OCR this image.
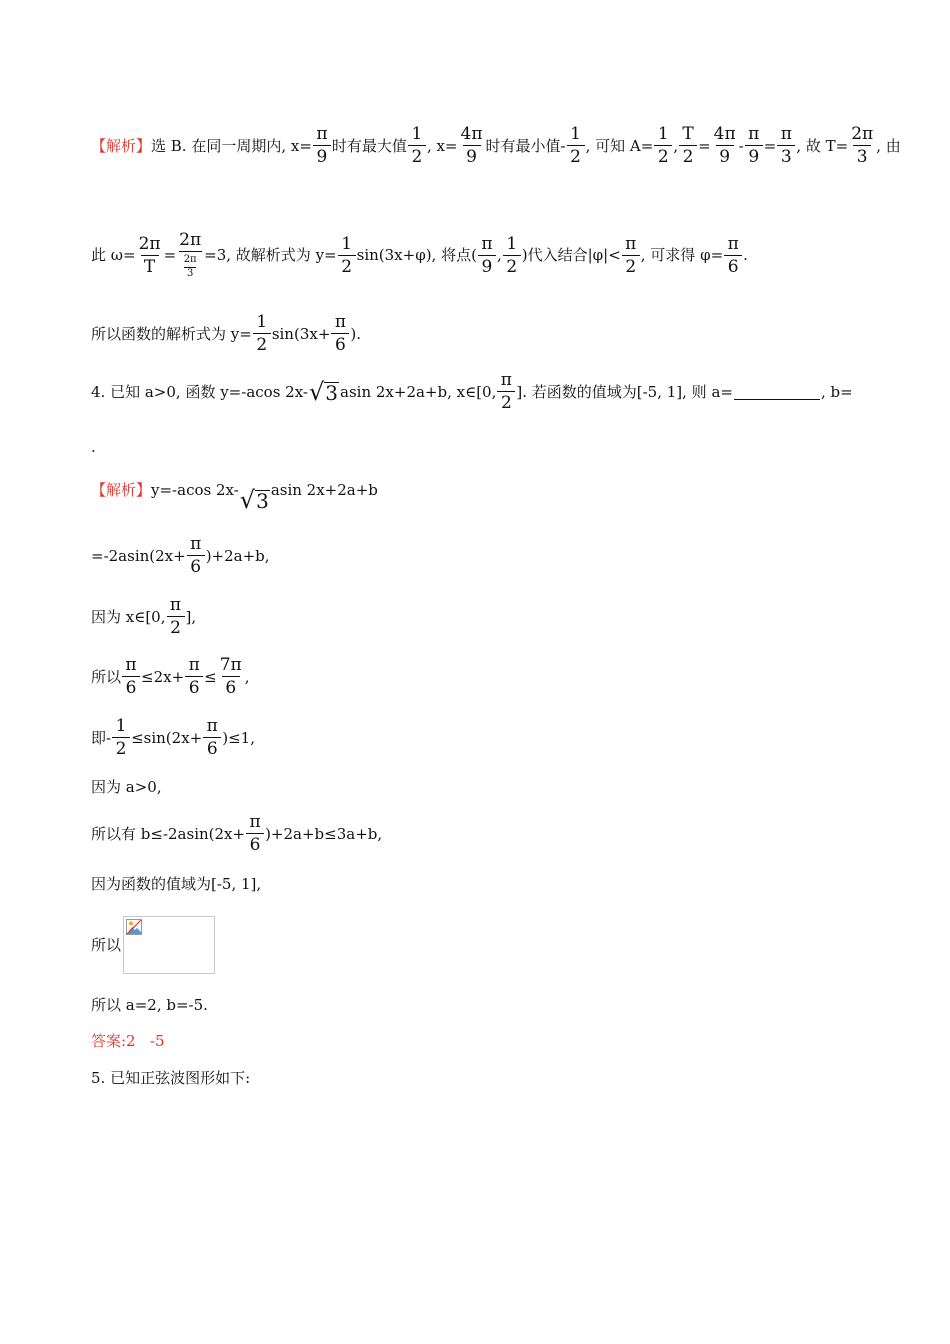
【解析】 选 B. 在同一周期内, $x= \frac{\pi}{9}$ 时有最大值 $\frac{1}{2}$ , $x= \frac{4\pi}{9}$ 时有最小值- $\frac{1}{2}$ , 可知 $A= \frac{1}{2}$ , $\frac{T}{2} = \frac{4\pi}{9} - \frac{\pi}{9} = \frac{\pi}{3}$ , 故 $T= \frac{2\pi}{3}$ , 由
此 $\omega= \frac{2\pi}{T} = \frac{2\pi}{\frac{2\pi}{3}} =3$, 故解析式为 $y= \frac{1}{2} \sin(3x+\varphi)$, 将点( $\frac{\pi}{9}$ , $\frac{1}{2}$ )代入结合$|\varphi|< \frac{\pi}{2}$ , 可求得 $\varphi= \frac{\pi}{6}$ .
所以函数的解析式为 $y= \frac{1}{2} \sin(3x+ \frac{\pi}{6}$ ).
4. 已知 a>0, 函数 y=-acos 2x- √ 3 asin 2x+2a+b, x∈[0, $\frac{\pi}{2}$ ]. 若函数的值域为[-5, 1], 则 a=	, b=
.
【解析】 y=-acos 2x- √ 3 asin 2x+2a+b
$=-2asin(2x+ \frac{\pi}{6} )+2a+b$,
因为 x∈[0, $\frac{\pi}{2}$ ],
所以 $\frac{\pi}{6} \le 2x+ \frac{\pi}{6} \le \frac{7\pi}{6}$ ,
即- $\frac{1}{2} \le\sin(2x+ \frac{\pi}{6} )\le 1$,
因为 a>0,
所以有 $b\le-2asin(2x+ \frac{\pi}{6} )+2a+b\le 3a+b$,
因为函数的值域为[-5, 1],
所以
所以 a=2, b=-5.
答案:2   -5
5. 已知正弦波图形如下:
